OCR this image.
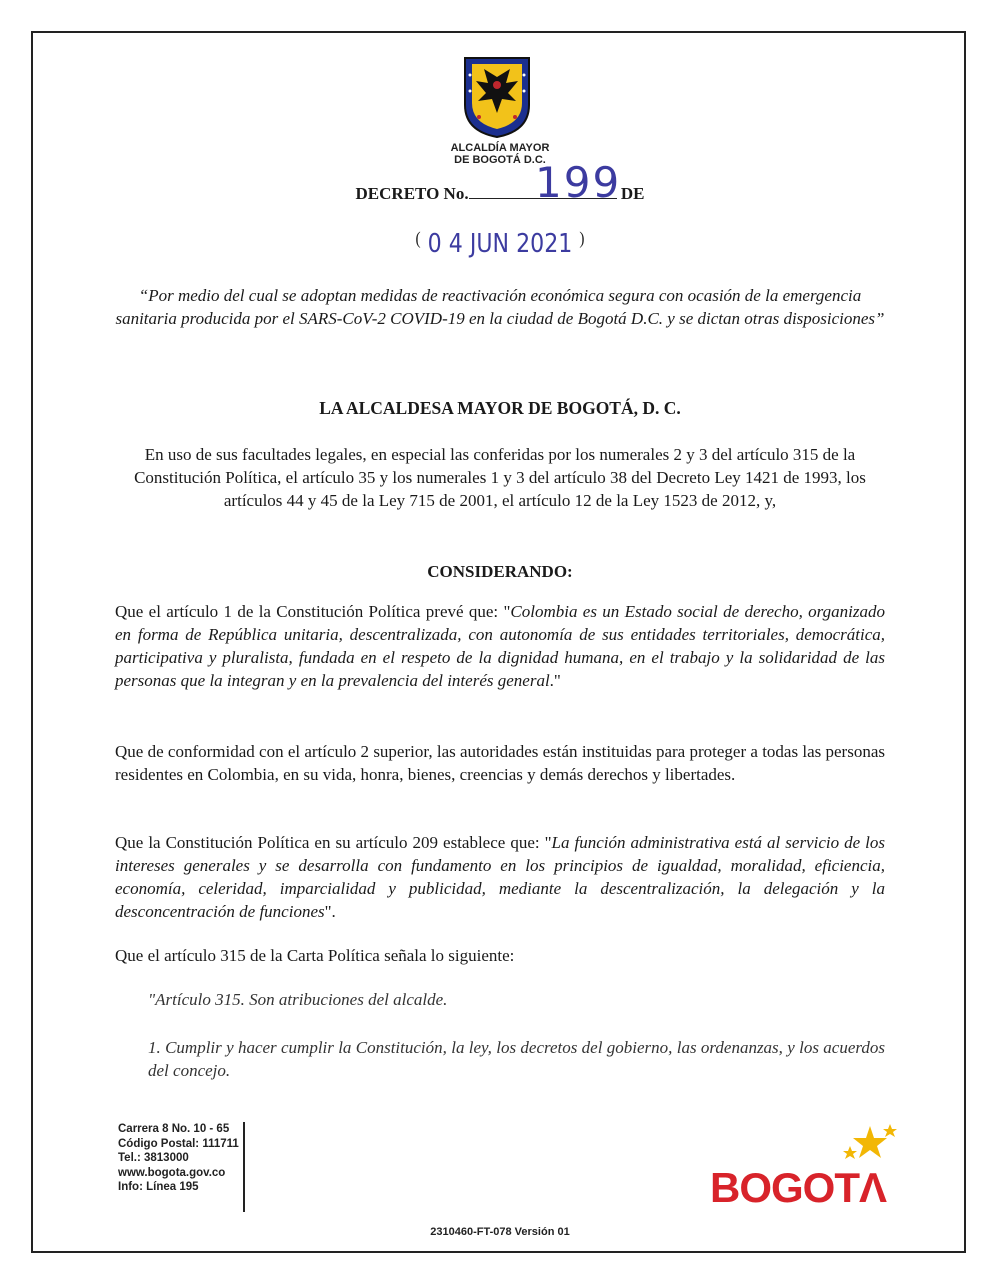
ALCALDÍA MAYOR
DE BOGOTÁ D.C.
DECRETO No.	DE
199
( 0 4 JUN 2021 )
“Por medio del cual se adoptan medidas de reactivación económica segura con ocasión de la emergencia sanitaria producida por el SARS-CoV-2 COVID-19 en la ciudad de Bogotá D.C. y se dictan otras disposiciones”
LA ALCALDESA MAYOR DE BOGOTÁ, D. C.
En uso de sus facultades legales, en especial las conferidas por los numerales 2 y 3 del artículo 315 de la Constitución Política, el artículo 35 y los numerales 1 y 3 del artículo 38 del Decreto Ley 1421 de 1993, los artículos 44 y 45 de la Ley 715 de 2001, el artículo 12 de la Ley 1523 de 2012, y,
CONSIDERANDO:
Que el artículo 1 de la Constitución Política prevé que: "Colombia es un Estado social de derecho, organizado en forma de República unitaria, descentralizada, con autonomía de sus entidades territoriales, democrática, participativa y pluralista, fundada en el respeto de la dignidad humana, en el trabajo y la solidaridad de las personas que la integran y en la prevalencia del interés general."
Que de conformidad con el artículo 2 superior, las autoridades están instituidas para proteger a todas las personas residentes en Colombia, en su vida, honra, bienes, creencias y demás derechos y libertades.
Que la Constitución Política en su artículo 209 establece que: "La función administrativa está al servicio de los intereses generales y se desarrolla con fundamento en los principios de igualdad, moralidad, eficiencia, economía, celeridad, imparcialidad y publicidad, mediante la descentralización, la delegación y la desconcentración de funciones".
Que el artículo 315 de la Carta Política señala lo siguiente:
"Artículo 315. Son atribuciones del alcalde.
1. Cumplir y hacer cumplir la Constitución, la ley, los decretos del gobierno, las ordenanzas, y los acuerdos del concejo.
Carrera 8 No. 10 - 65
Código Postal: 111711
Tel.: 3813000
www.bogota.gov.co
Info: Línea 195	BOGOTΛ
2310460-FT-078 Versión 01
